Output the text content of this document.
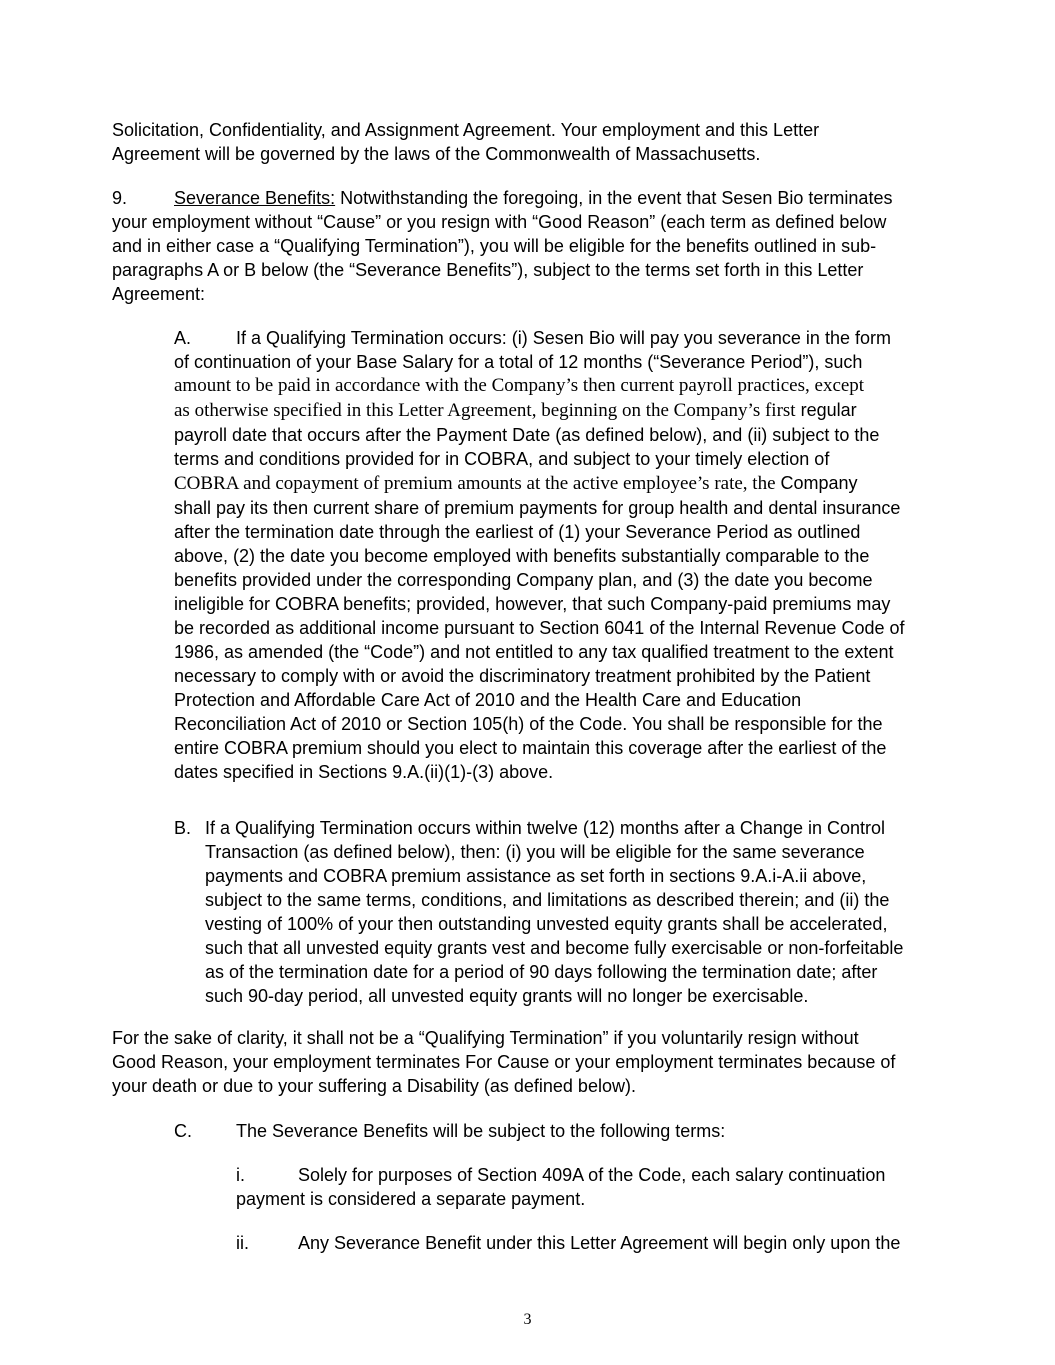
Solicitation, Confidentiality, and Assignment Agreement. Your employment and this Letter
Agreement will be governed by the laws of the Commonwealth of Massachusetts.
9.	Severance Benefits: Notwithstanding the foregoing, in the event that Sesen Bio terminates
your employment without “Cause” or you resign with “Good Reason” (each term as defined below
and in either case a “Qualifying Termination”), you will be eligible for the benefits outlined in sub-
paragraphs A or B below (the “Severance Benefits”), subject to the terms set forth in this Letter
Agreement:
A. If a Qualifying Termination occurs: (i) Sesen Bio will pay you severance in the form
of continuation of your Base Salary for a total of 12 months (“Severance Period”), such
amount to be paid in accordance with the Company’s then current payroll practices, except
as otherwise specified in this Letter Agreement, beginning on the Company’s first regular
payroll date that occurs after the Payment Date (as defined below), and (ii) subject to the
terms and conditions provided for in COBRA, and subject to your timely election of
COBRA and copayment of premium amounts at the active employee’s rate, the Company
shall pay its then current share of premium payments for group health and dental insurance
after the termination date through the earliest of (1) your Severance Period as outlined
above, (2) the date you become employed with benefits substantially comparable to the
benefits provided under the corresponding Company plan, and (3) the date you become
ineligible for COBRA benefits; provided, however, that such Company-paid premiums may
be recorded as additional income pursuant to Section 6041 of the Internal Revenue Code of
1986, as amended (the “Code”) and not entitled to any tax qualified treatment to the extent
necessary to comply with or avoid the discriminatory treatment prohibited by the Patient
Protection and Affordable Care Act of 2010 and the Health Care and Education
Reconciliation Act of 2010 or Section 105(h) of the Code. You shall be responsible for the
entire COBRA premium should you elect to maintain this coverage after the earliest of the
dates specified in Sections 9.A.(ii)(1)-(3) above.
B. If a Qualifying Termination occurs within twelve (12) months after a Change in Control
Transaction (as defined below), then: (i) you will be eligible for the same severance
payments and COBRA premium assistance as set forth in sections 9.A.i-A.ii above,
subject to the same terms, conditions, and limitations as described therein; and (ii) the
vesting of 100% of your then outstanding unvested equity grants shall be accelerated,
such that all unvested equity grants vest and become fully exercisable or non-forfeitable
as of the termination date for a period of 90 days following the termination date; after
such 90-day period, all unvested equity grants will no longer be exercisable.
For the sake of clarity, it shall not be a “Qualifying Termination” if you voluntarily resign without
Good Reason, your employment terminates For Cause or your employment terminates because of
your death or due to your suffering a Disability (as defined below).
C. The Severance Benefits will be subject to the following terms:
i.	Solely for purposes of Section 409A of the Code, each salary continuation
payment is considered a separate payment.
ii.	Any Severance Benefit under this Letter Agreement will begin only upon the
3
